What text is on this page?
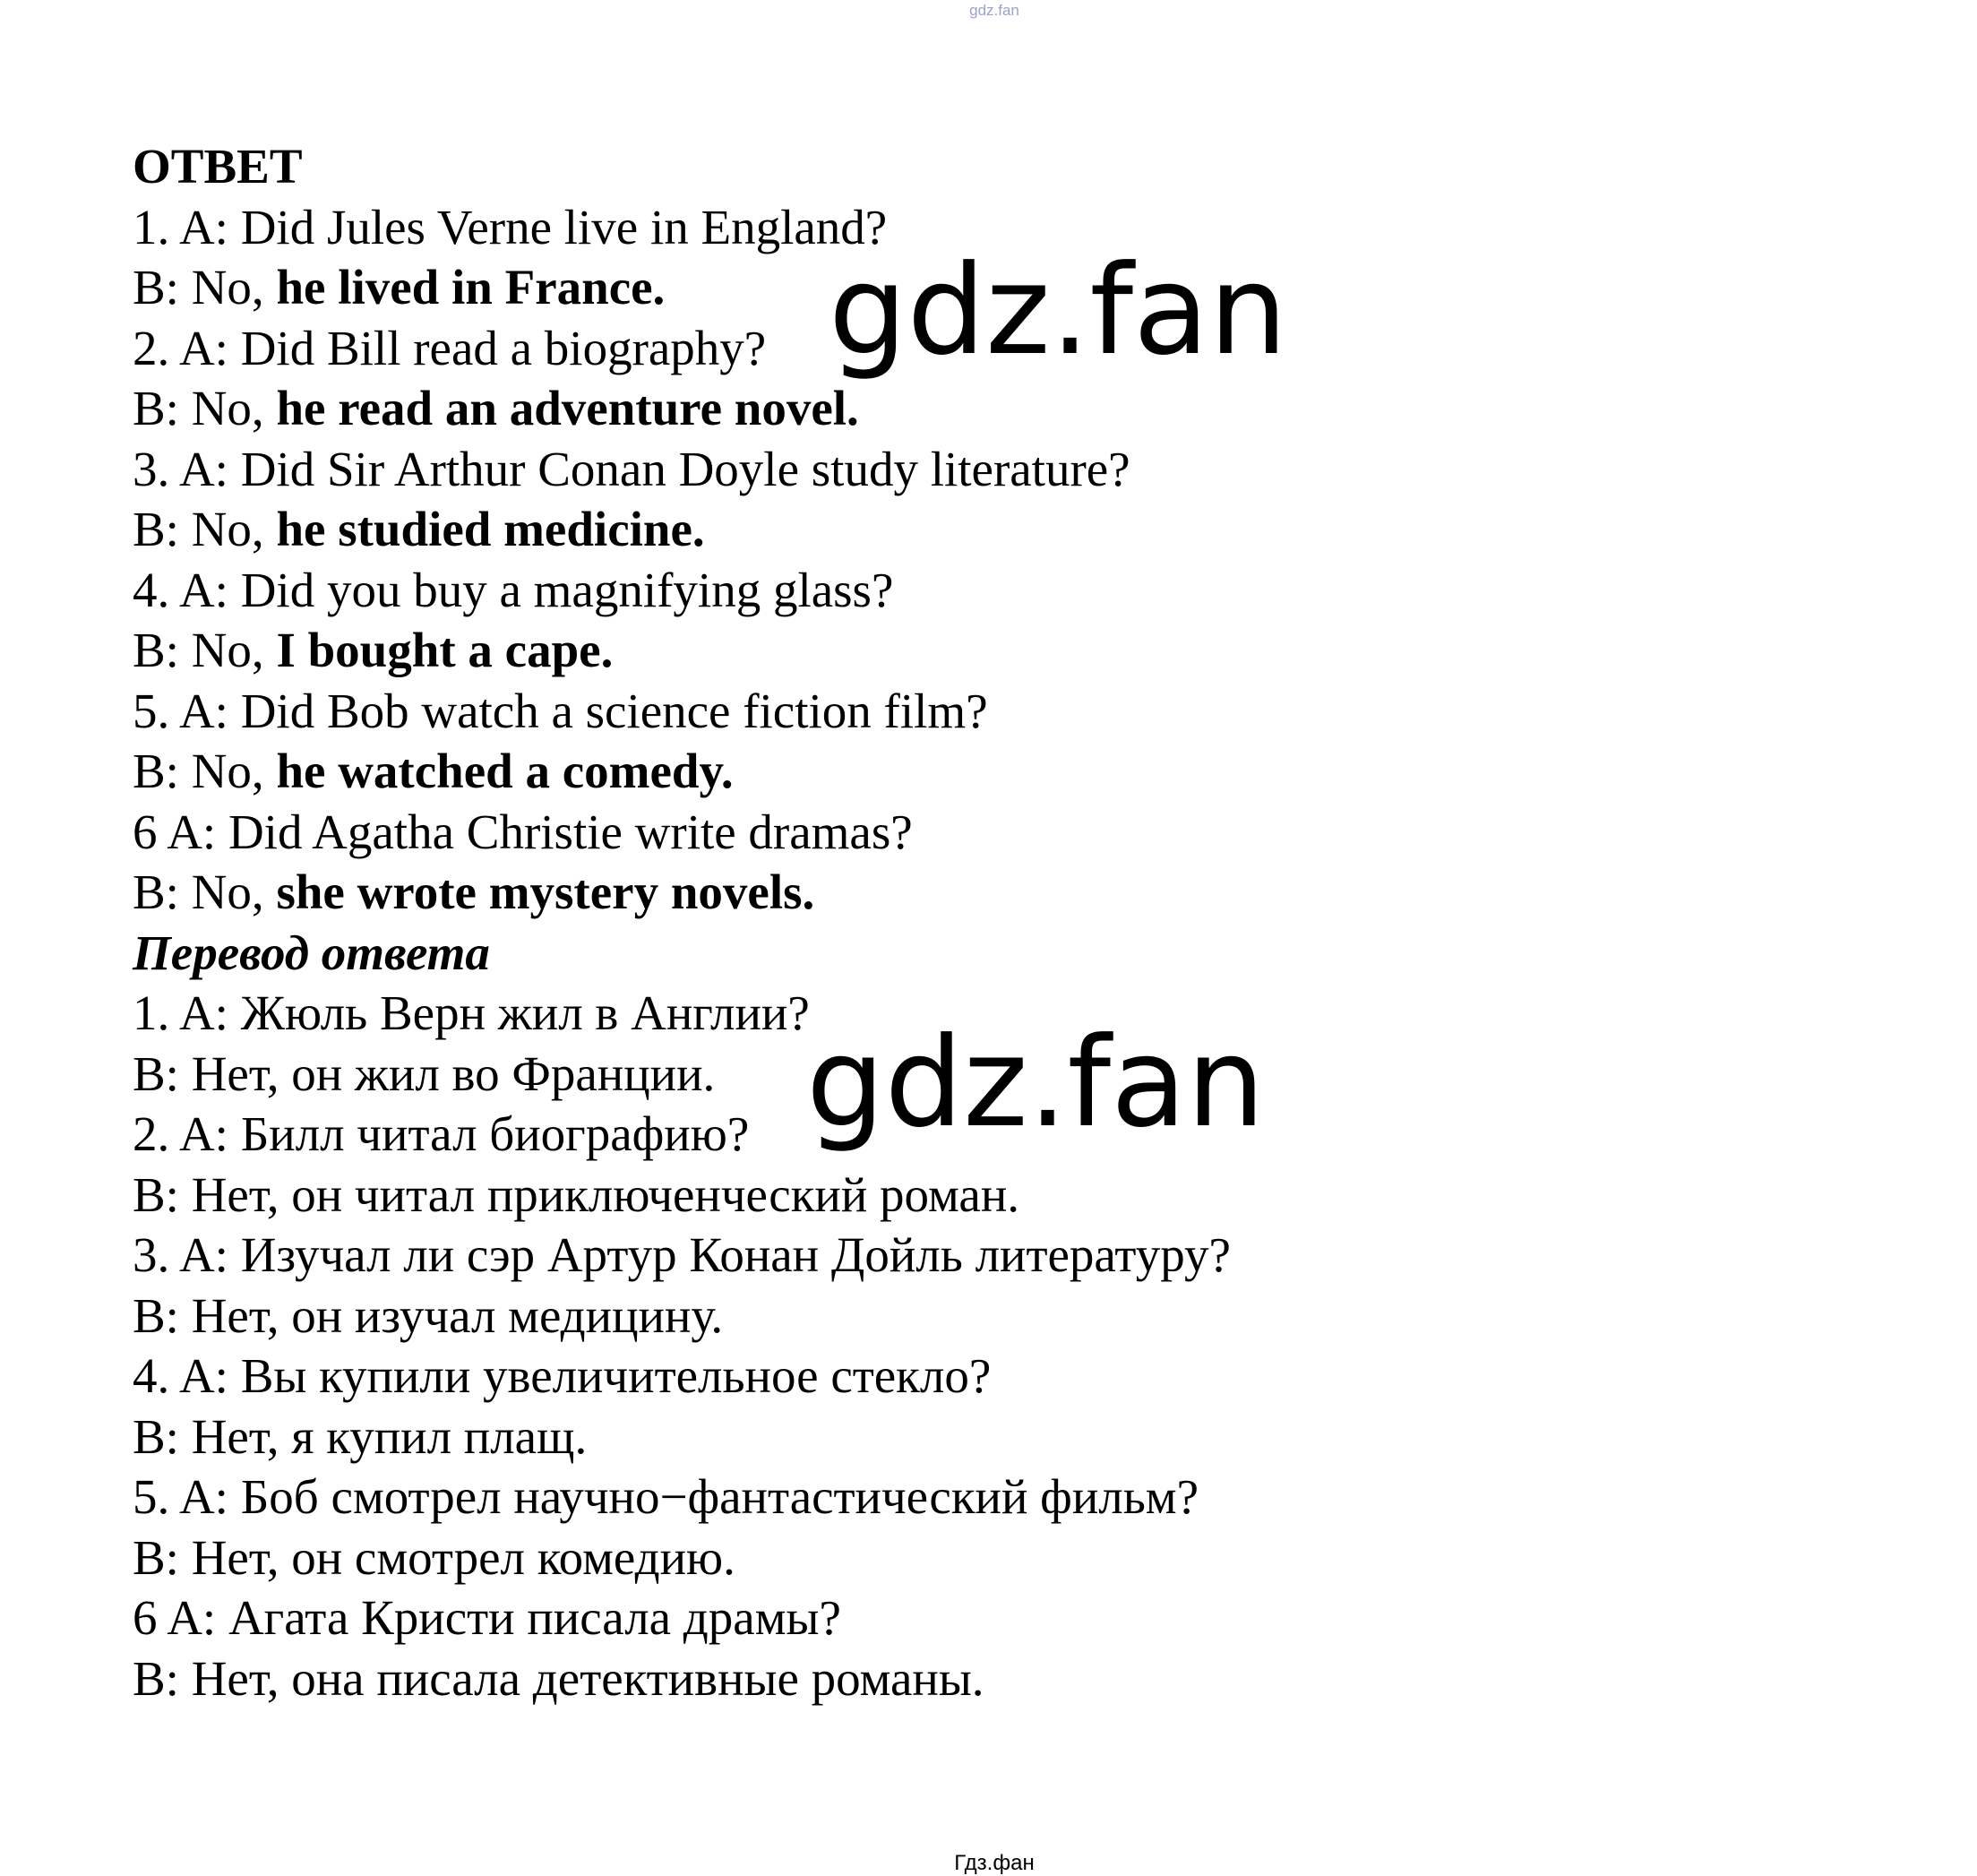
gdz.fan
ОТВЕТ
1. A: Did Jules Verne live in England?
B: No, he lived in France.
2. A: Did Bill read a biography?
B: No, he read an adventure novel.
3. A: Did Sir Arthur Conan Doyle study literature?
B: No, he studied medicine.
4. A: Did you buy a magnifying glass?
B: No, I bought a cape.
5. A: Did Bob watch a science fiction film?
B: No, he watched a comedy.
6 A: Did Agatha Christie write dramas?
B: No, she wrote mystery novels.
Перевод ответа
1. A: Жюль Верн жил в Англии?
B: Нет, он жил во Франции.
2. A: Билл читал биографию?
B: Нет, он читал приключенческий роман.
3. A: Изучал ли сэр Артур Конан Дойль литературу?
B: Нет, он изучал медицину.
4. A: Вы купили увеличительное стекло?
B: Нет, я купил плащ.
5. A: Боб смотрел научно−фантастический фильм?
B: Нет, он смотрел комедию.
6 A: Агата Кристи писала драмы?
B: Нет, она писала детективные романы.
gdz.fan
gdz.fan
Гдз.фан
